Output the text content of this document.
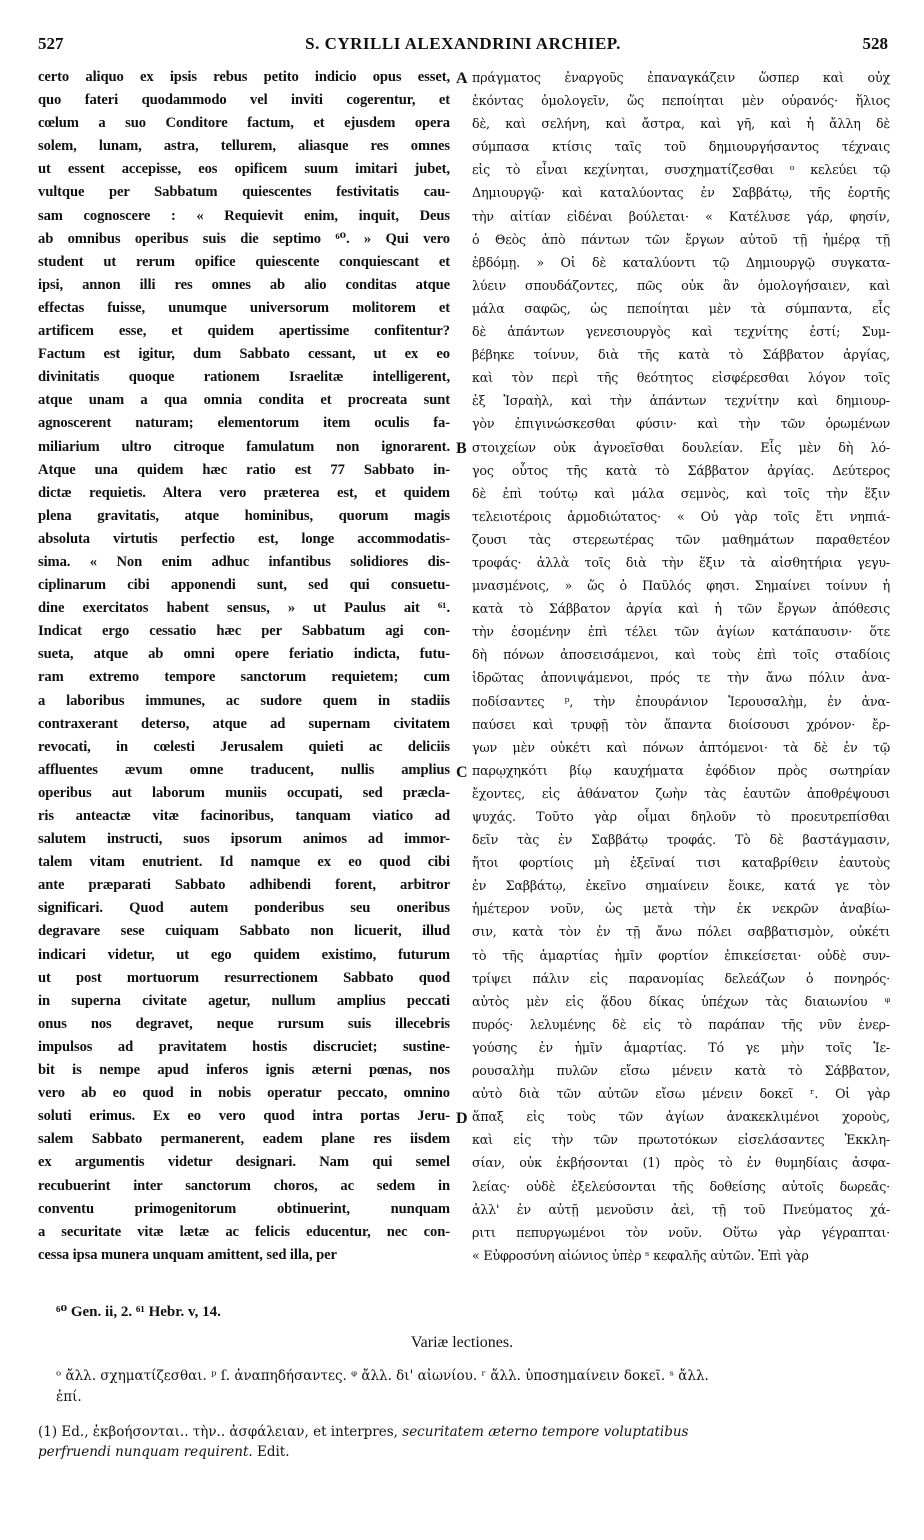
527	S. CYRILLI ALEXANDRINI ARCHIEP.	528
certo aliquo ex ipsis rebus petito indicio opus esset,
quo fateri quodammodo vel inviti cogerentur, et
cœlum a suo Conditore factum, et ejusdem opera
solem, lunam, astra, tellurem, aliasque res omnes
ut essent accepisse, eos opificem suum imitari jubet,
vultque per Sabbatum quiescentes festivitatis cau-
sam cognoscere : « Requievit enim, inquit, Deus
ab omnibus operibus suis die septimo ⁶⁰. » Qui vero
student ut rerum opifice quiescente conquiescant et
ipsi, annon illi res omnes ab alio conditas atque
effectas fuisse, unumque universorum molitorem et
artificem esse, et quidem apertissime confitentur?
Factum est igitur, dum Sabbato cessant, ut ex eo
divinitatis quoque rationem Israelitæ intelligerent,
atque unam a qua omnia condita et procreata sunt
agnoscerent naturam; elementorum item oculis fa-
miliarium ultro citroque famulatum non ignorarent.
Atque una quidem hæc ratio est 77 Sabbato in-
dictæ requietis. Altera vero præterea est, et quidem
plena gravitatis, atque hominibus, quorum magis
absoluta virtutis perfectio est, longe accommodatis-
sima. « Non enim adhuc infantibus solidiores dis-
ciplinarum cibi apponendi sunt, sed qui consuetu-
dine exercitatos habent sensus, » ut Paulus ait ⁶¹.
Indicat ergo cessatio hæc per Sabbatum agi con-
sueta, atque ab omni opere feriatio indicta, futu-
ram extremo tempore sanctorum requietem; cum
a laboribus immunes, ac sudore quem in stadiis
contraxerant deterso, atque ad supernam civitatem
revocati, in cœlesti Jerusalem quieti ac deliciis
affluentes ævum omne traducent, nullis amplius
operibus aut laborum muniis occupati, sed præcla-
ris anteactæ vitæ facinoribus, tanquam viatico ad
salutem instructi, suos ipsorum animos ad immor-
talem vitam enutrient. Id namque ex eo quod cibi
ante præparati Sabbato adhibendi forent, arbitror
significari. Quod autem ponderibus seu oneribus
degravare sese cuiquam Sabbato non licuerit, illud
indicari videtur, ut ego quidem existimo, futurum
ut post mortuorum resurrectionem Sabbato quod
in superna civitate agetur, nullum amplius peccati
onus nos degravet, neque rursum suis illecebris
impulsos ad pravitatem hostis discruciet; sustine-
bit is nempe apud inferos ignis æterni pœnas, nos
vero ab eo quod in nobis operatur peccato, omnino
soluti erimus. Ex eo vero quod intra portas Jeru-
salem Sabbato permanerent, eadem plane res iisdem
ex argumentis videtur designari. Nam qui semel
recubuerint inter sanctorum choros, ac sedem in
conventu primogenitorum obtinuerint, nunquam
a securitate vitæ lætæ ac felicis educentur, nec con-
cessa ipsa munera unquam amittent, sed illa, per
A
B
C
D
πράγματος ἐναργοῦς ἐπαναγκάζειν ὥσπερ καὶ οὐχ
ἑκόντας ὁμολογεῖν, ὥς πεποίηται μὲν οὐρανός· ἥλιος
δὲ, καὶ σελήνη, καὶ ἄστρα, καὶ γῆ, καὶ ἡ ἄλλη δὲ
σύμπασα κτίσις ταῖς τοῦ δημιουργήσαντος τέχναις
εἰς τὸ εἶναι κεχίνηται, συσχηματίζεσθαι ᵒ κελεύει τῷ
Δημιουργῷ· καὶ καταλύοντας ἐν Σαββάτῳ, τῆς ἑορτῆς
τὴν αἰτίαν εἰδέναι βούλεται· « Κατέλυσε γάρ, φησίν,
ὁ Θεὸς ἀπὸ πάντων τῶν ἔργων αὐτοῦ τῇ ἡμέρᾳ τῇ
ἑβδόμῃ. » Οἱ δὲ καταλύοντι τῷ Δημιουργῷ συγκατα-
λύειν σπουδάζοντες, πῶς οὐκ ἂν ὁμολογήσαιεν, καὶ
μάλα σαφῶς, ὡς πεποίηται μὲν τὰ σύμπαντα, εἷς
δὲ ἁπάντων γενεσιουργὸς καὶ τεχνίτης ἐστί; Συμ-
βέβηκε τοίνυν, διὰ τῆς κατὰ τὸ Σάββατον ἀργίας,
καὶ τὸν περὶ τῆς θεότητος εἰσφέρεσθαι λόγον τοῖς
ἐξ Ἰσραὴλ, καὶ τὴν ἁπάντων τεχνίτην καὶ δημιουρ-
γὸν ἐπιγινώσκεσθαι φύσιν· καὶ τὴν τῶν ὁρωμένων
στοιχείων οὐκ ἀγνοεῖσθαι δουλείαν. Εἷς μὲν δὴ λό-
γος οὗτος τῆς κατὰ τὸ Σάββατον ἀργίας. Δεύτερος
δὲ ἐπὶ τούτῳ καὶ μάλα σεμνὸς, καὶ τοῖς τὴν ἕξιν
τελειοτέροις ἁρμοδιώτατος· « Οὐ γὰρ τοῖς ἔτι νηπιά-
ζουσι τὰς στερεωτέρας τῶν μαθημάτων παραθετέον
τροφάς· ἀλλὰ τοῖς διὰ τὴν ἕξιν τὰ αἰσθητήρια γεγυ-
μνασμένοις, » ὥς ὁ Παῦλός φησι. Σημαίνει τοίνυν ἡ
κατὰ τὸ Σάββατον ἀργία καὶ ἡ τῶν ἔργων ἀπόθεσις
τὴν ἐσομένην ἐπὶ τέλει τῶν ἁγίων κατάπαυσιν· ὅτε
δὴ πόνων ἀποσεισάμενοι, καὶ τοὺς ἐπὶ τοῖς σταδίοις
ἱδρῶτας ἀπονιψάμενοι, πρός τε τὴν ἄνω πόλιν ἀνα-
ποδίσαντες ᵖ, τὴν ἐπουράνιον Ἱερουσαλὴμ, ἐν ἀνα-
παύσει καὶ τρυφῇ τὸν ἅπαντα διοίσουσι χρόνον· ἔρ-
γων μὲν οὐκέτι καὶ πόνων ἁπτόμενοι· τὰ δὲ ἐν τῷ
παρῳχηκότι βίῳ καυχήματα ἐφόδιον πρὸς σωτηρίαν
ἔχοντες, εἰς ἀθάνατον ζωὴν τὰς ἑαυτῶν ἀποθρέψουσι
ψυχάς. Τοῦτο γὰρ οἶμαι δηλοῦν τὸ προευτρεπίσθαι
δεῖν τὰς ἐν Σαββάτῳ τροφάς. Τὸ δὲ βαστάγμασιν,
ἤτοι φορτίοις μὴ ἐξεῖναί τισι καταβρίθειν ἑαυτοὺς
ἐν Σαββάτῳ, ἐκεῖνο σημαίνειν ἔοικε, κατά γε τὸν
ἡμέτερον νοῦν, ὡς μετὰ τὴν ἐκ νεκρῶν ἀναβίω-
σιν, κατὰ τὸν ἐν τῇ ἄνω πόλει σαββατισμὸν, οὐκέτι
τὸ τῆς ἁμαρτίας ἡμῖν φορτίον ἐπικείσεται· οὐδὲ συν-
τρίψει πάλιν εἰς παρανομίας δελεάζων ὁ πονηρός·
αὐτὸς μὲν εἰς ᾅδου δίκας ὑπέχων τὰς διαιωνίου ᵠ
πυρός· λελυμένης δὲ εἰς τὸ παράπαν τῆς νῦν ἐνερ-
γούσης ἐν ἡμῖν ἁμαρτίας. Τό γε μὴν τοῖς Ἱε-
ρουσαλὴμ πυλῶν εἴσω μένειν κατὰ τὸ Σάββατον,
αὐτὸ διὰ τῶν αὐτῶν εἴσω μένειν δοκεῖ ʳ. Οἱ γὰρ
ἅπαξ εἰς τοὺς τῶν ἁγίων ἀνακεκλιμένοι χοροὺς,
καὶ εἰς τὴν τῶν πρωτοτόκων εἰσελάσαντες Ἐκκλη-
σίαν, οὐκ ἐκβήσονται (1) πρὸς τὸ ἐν θυμηδίαις ἀσφα-
λείας· οὐδὲ ἐξελεύσονται τῆς δοθείσης αὐτοῖς δωρεᾶς·
ἀλλ' ἐν αὐτῇ μενοῦσιν ἀεὶ, τῇ τοῦ Πνεύματος χά-
ριτι πεπυργωμένοι τὸν νοῦν. Οὕτω γὰρ γέγραπται·
« Εὐφροσύνη αἰώνιος ὑπὲρ ˢ κεφαλῆς αὐτῶν. Ἐπὶ γὰρ
⁶⁰ Gen. ii, 2. ⁶¹ Hebr. v, 14.
Variæ lectiones.
ᵒ ἄλλ. σχηματίζεσθαι. ᵖ ſ. ἀναπηδήσαντες. ᵠ ἄλλ. δι' αἰωνίου. ʳ ἄλλ. ὑποσημαίνειν δοκεῖ. ˢ ἄλλ.
ἐπί.
(1) Ed., ἐκβοήσονται.. τὴν.. ἀσφάλειαν, et interpres, securitatem æterno tempore voluptatibus
perfruendi nunquam requirent. Edit.
